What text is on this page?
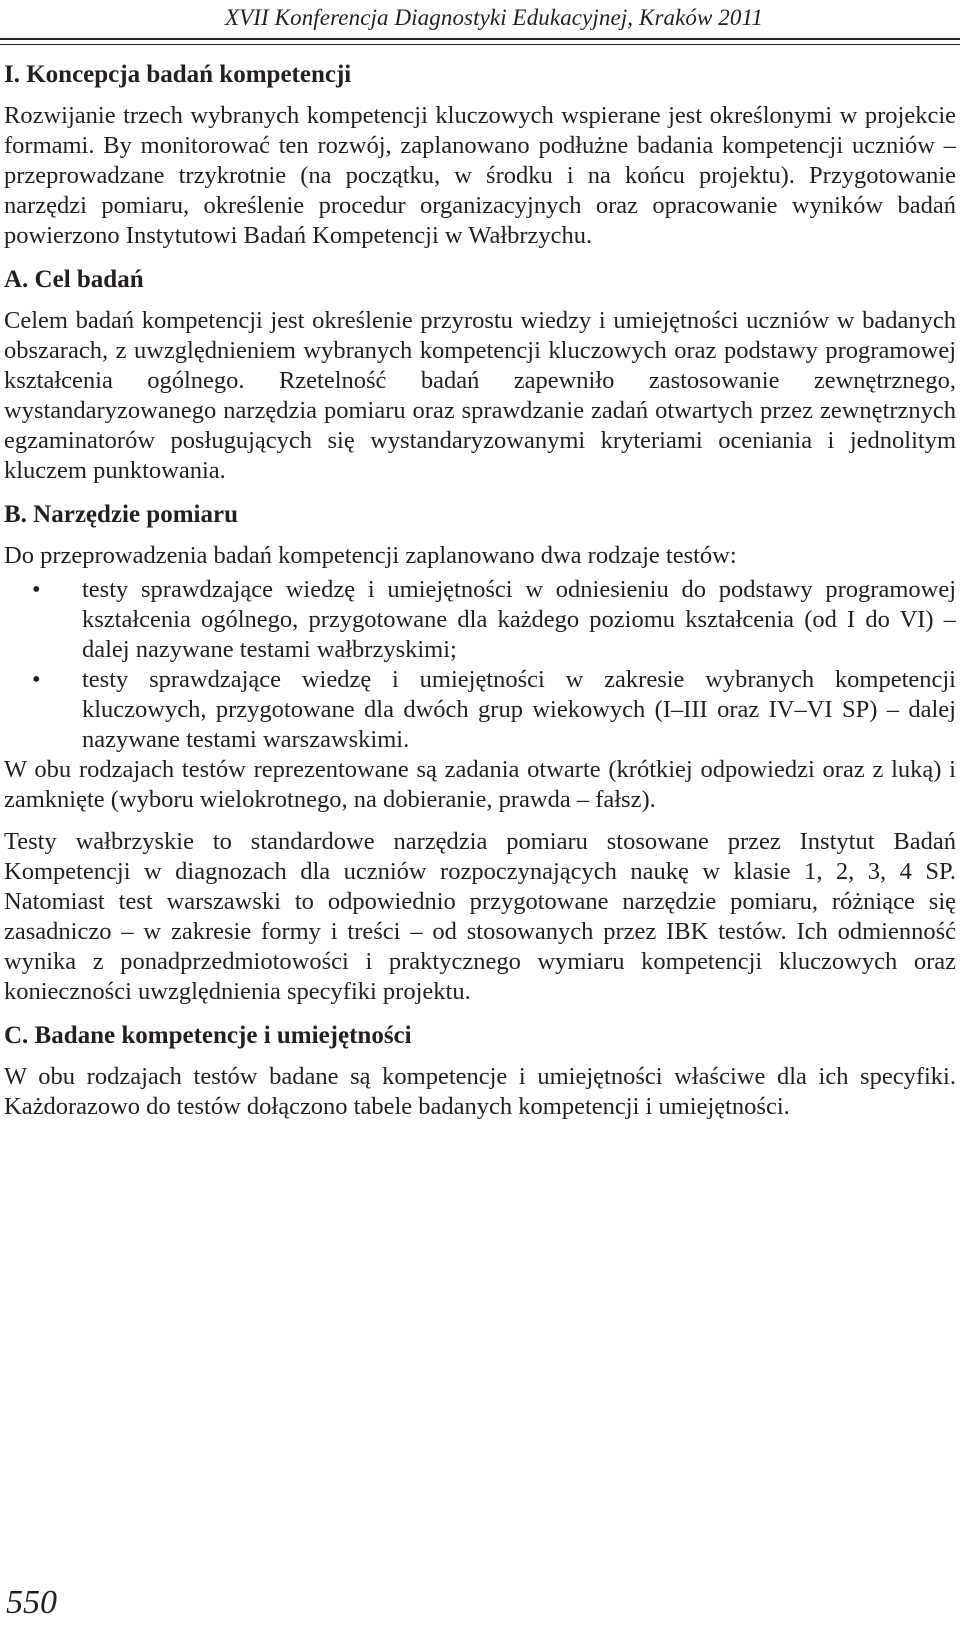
XVII Konferencja Diagnostyki Edukacyjnej, Kraków 2011
I. Koncepcja badań kompetencji

Rozwijanie trzech wybranych kompetencji kluczowych wspierane jest określonymi w projekcie formami. By monitorować ten rozwój, zaplanowano podłużne badania kompetencji uczniów – przeprowadzane trzykrotnie (na początku, w środku i na końcu projektu). Przygotowanie narzędzi pomiaru, określenie procedur organizacyjnych oraz opracowanie wyników badań powierzono Instytutowi Badań Kompetencji w Wałbrzychu.

A. Cel badań

Celem badań kompetencji jest określenie przyrostu wiedzy i umiejętności uczniów w badanych obszarach, z uwzględnieniem wybranych kompetencji kluczowych oraz podstawy programowej kształcenia ogólnego. Rzetelność badań zapewniło zastosowanie zewnętrznego, wystandaryzowanego narzędzia pomiaru oraz sprawdzanie zadań otwartych przez zewnętrznych egzaminatorów posługujących się wystandaryzowanymi kryteriami oceniania i jednolitym kluczem punktowania.

B. Narzędzie pomiaru

Do przeprowadzenia badań kompetencji zaplanowano dwa rodzaje testów:

• testy sprawdzające wiedzę i umiejętności w odniesieniu do podstawy programowej kształcenia ogólnego, przygotowane dla każdego poziomu kształcenia (od I do VI) – dalej nazywane testami wałbrzyskimi;
• testy sprawdzające wiedzę i umiejętności w zakresie wybranych kompetencji kluczowych, przygotowane dla dwóch grup wiekowych (I–III oraz IV–VI SP) – dalej nazywane testami warszawskimi.

W obu rodzajach testów reprezentowane są zadania otwarte (krótkiej odpowiedzi oraz z luką) i zamknięte (wyboru wielokrotnego, na dobieranie, prawda – fałsz).

Testy wałbrzyskie to standardowe narzędzia pomiaru stosowane przez Instytut Badań Kompetencji w diagnozach dla uczniów rozpoczynających naukę w klasie 1, 2, 3, 4 SP. Natomiast test warszawski to odpowiednio przygotowane narzędzie pomiaru, różniące się zasadniczo – w zakresie formy i treści – od stosowanych przez IBK testów. Ich odmienność wynika z ponadprzedmiotowości i praktycznego wymiaru kompetencji kluczowych oraz konieczności uwzględnienia specyfiki projektu.

C. Badane kompetencje i umiejętności

W obu rodzajach testów badane są kompetencje i umiejętności właściwe dla ich specyfiki. Każdorazowo do testów dołączono tabele badanych kompetencji i umiejętności.

550
